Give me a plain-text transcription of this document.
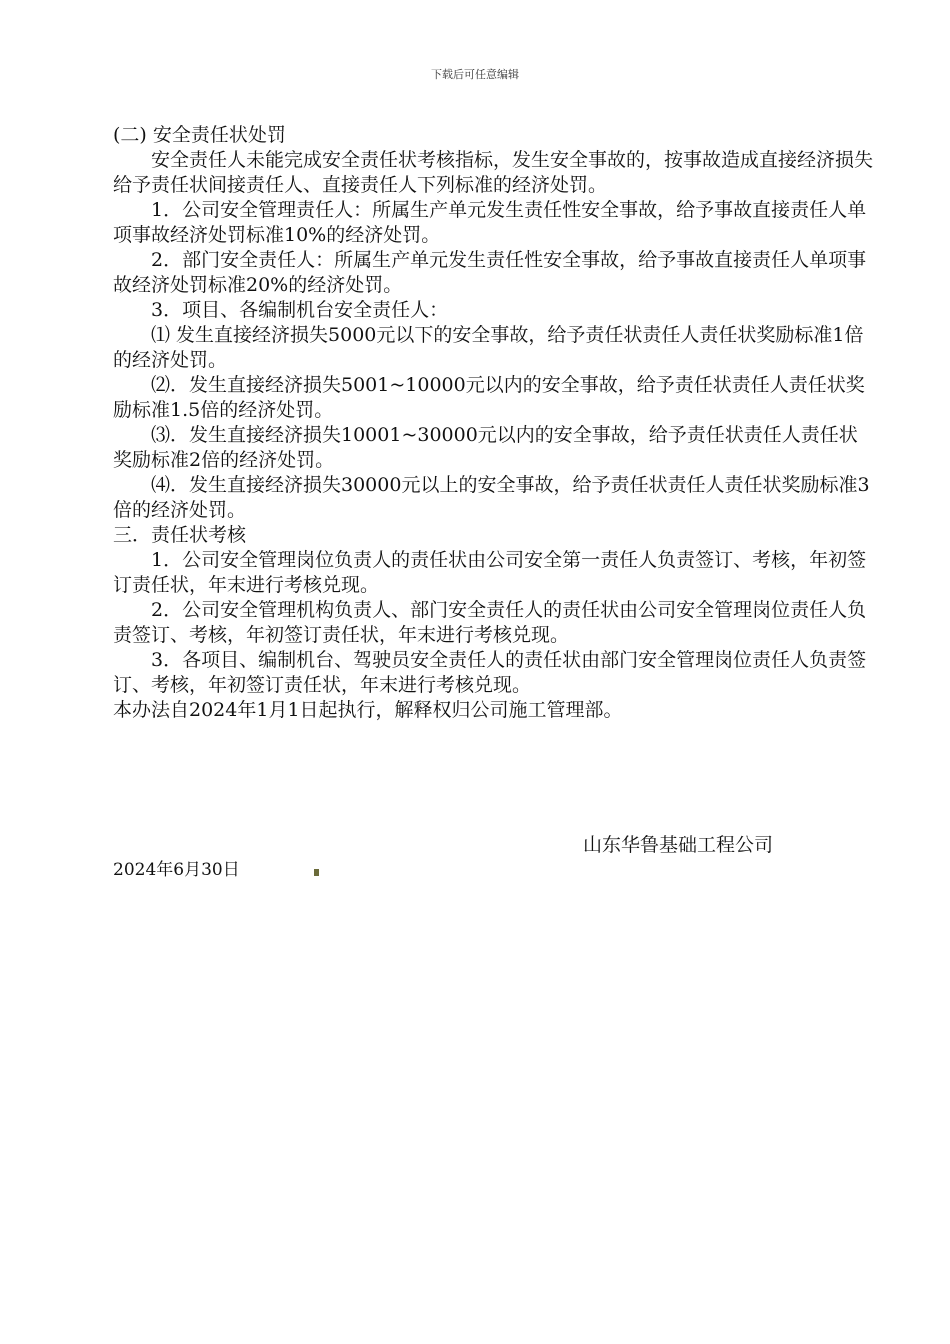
下载后可任意编辑

(二) 安全责任状处罚

安全责任人未能完成安全责任状考核指标，发生安全事故的，按事故造成直接经济损失给予责任状间接责任人、直接责任人下列标准的经济处罚。

1．公司安全管理责任人：所属生产单元发生责任性安全事故，给予事故直接责任人单项事故经济处罚标准10%的经济处罚。

2．部门安全责任人：所属生产单元发生责任性安全事故，给予事故直接责任人单项事故经济处罚标准20%的经济处罚。

3．项目、各编制机台安全责任人：

⑴ 发生直接经济损失5000元以下的安全事故，给予责任状责任人责任状奖励标准1倍的经济处罚。

⑵．发生直接经济损失5001~10000元以内的安全事故，给予责任状责任人责任状奖励标准1.5倍的经济处罚。

⑶．发生直接经济损失10001~30000元以内的安全事故，给予责任状责任人责任状奖励标准2倍的经济处罚。

⑷．发生直接经济损失30000元以上的安全事故，给予责任状责任人责任状奖励标准3倍的经济处罚。

三．责任状考核

1．公司安全管理岗位负责人的责任状由公司安全第一责任人负责签订、考核，年初签订责任状，年末进行考核兑现。

2．公司安全管理机构负责人、部门安全责任人的责任状由公司安全管理岗位责任人负责签订、考核，年初签订责任状，年末进行考核兑现。

3．各项目、编制机台、驾驶员安全责任人的责任状由部门安全管理岗位责任人负责签订、考核，年初签订责任状，年末进行考核兑现。

本办法自2024年1月1日起执行，解释权归公司施工管理部。

山东华鲁基础工程公司
2024年6月30日
